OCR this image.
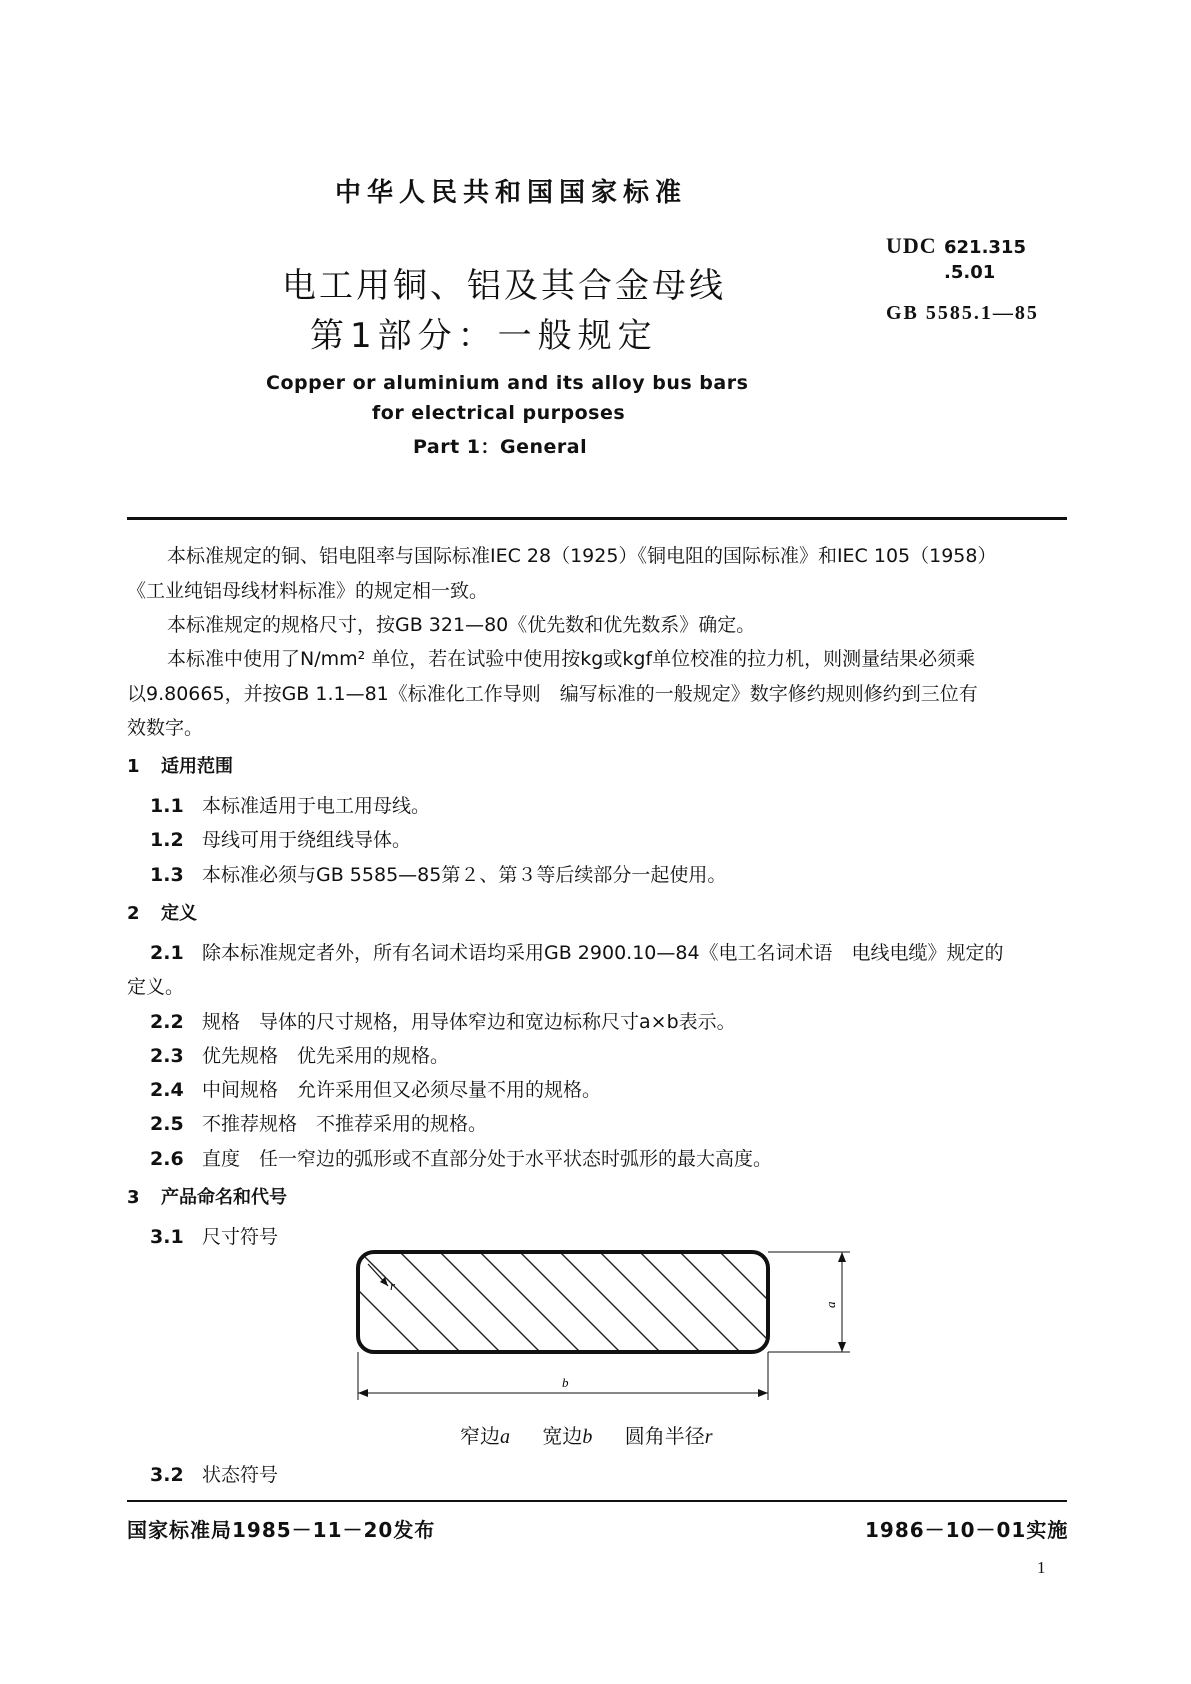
中华人民共和国国家标准
电工用铜、铝及其合金母线
第1部分：一般规定
UDC 621.315
.5.01
GB 5585.1—85
Copper or aluminium and its alloy bus bars
for electrical purposes
Part 1：General
本标准规定的铜、铝电阻率与国际标准IEC 28（1925）《铜电阻的国际标准》和IEC 105（1958）
《工业纯铝母线材料标准》的规定相一致。
本标准规定的规格尺寸，按GB 321—80《优先数和优先数系》确定。
本标准中使用了N/mm² 单位，若在试验中使用按kg或kgf单位校准的拉力机，则测量结果必须乘
以9.80665，并按GB 1.1—81《标准化工作导则　编写标准的一般规定》数字修约规则修约到三位有
效数字。
1 适用范围
1.1 本标准适用于电工用母线。
1.2 母线可用于绕组线导体。
1.3 本标准必须与GB 5585—85第２、第３等后续部分一起使用。
2 定义
2.1 除本标准规定者外，所有名词术语均采用GB 2900.10—84《电工名词术语　电线电缆》规定的
定义。
2.2 规格　导体的尺寸规格，用导体窄边和宽边标称尺寸a×b表示。
2.3 优先规格　优先采用的规格。
2.4 中间规格　允许采用但又必须尽量不用的规格。
2.5 不推荐规格　不推荐采用的规格。
2.6 直度　任一窄边的弧形或不直部分处于水平状态时弧形的最大高度。
3 产品命名和代号
3.1 尺寸符号
r
a
b
窄边a 宽边b 圆角半径r
3.2 状态符号
国家标准局1985－11－20发布	1986－10－01实施
1
